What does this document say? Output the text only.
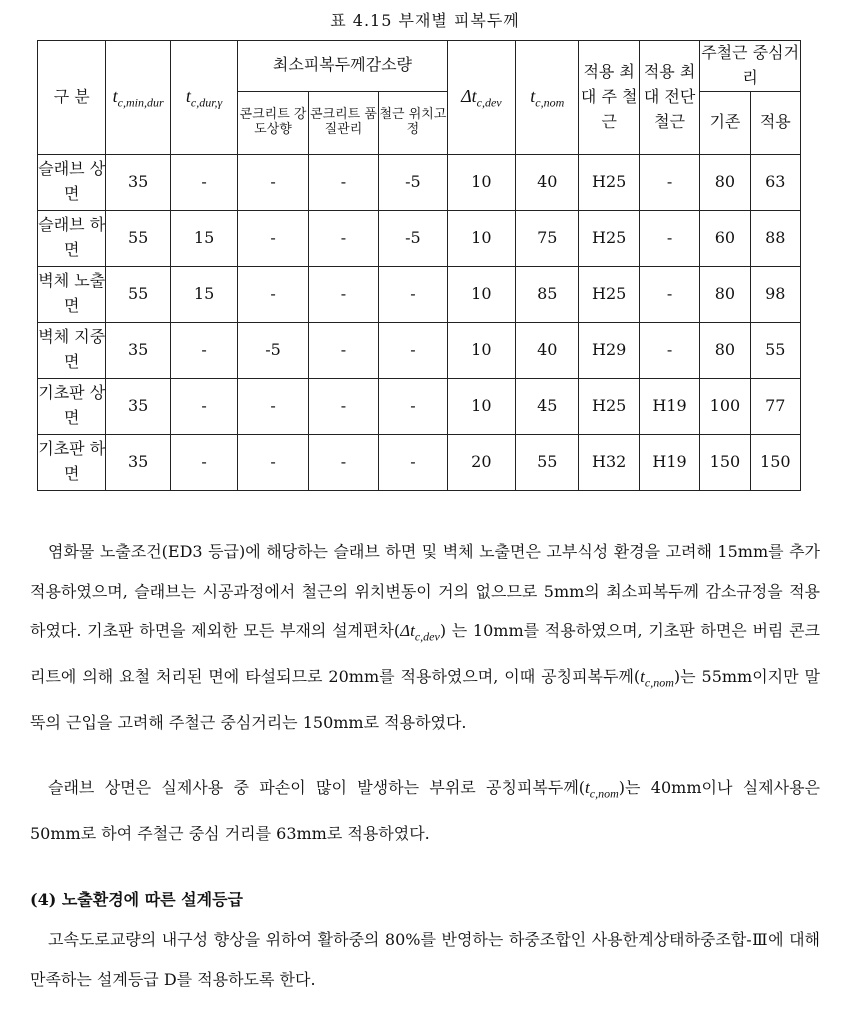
표 4.15 부재별 피복두께
구 분	$t_{c,min,dur}$	$t_{c,dur,\gamma}$	최소피복두께감소량			$\Delta t_{c,dev}$	$t_{c,nom}$	적용 최대 주 철근	적용 최대 전단 철근	주철근 중심거리	
			콘크리트 강도상향	콘크리트 품질관리	철근 위치고정					기존	적용
슬래브 상면	35	-	-	-	-5	10	40	H25	-	80	63
슬래브 하면	55	15	-	-	-5	10	75	H25	-	60	88
벽체 노출면	55	15	-	-	-	10	85	H25	-	80	98
벽체 지중면	35	-	-5	-	-	10	40	H29	-	80	55
기초판 상면	35	-	-	-	-	10	45	H25	H19	100	77
기초판 하면	35	-	-	-	-	20	55	H32	H19	150	150

염화물 노출조건(ED3 등급)에 해당하는 슬래브 하면 및 벽체 노출면은 고부식성 환경을 고려해 15mm를 추가 적용하였으며, 슬래브는 시공과정에서 철근의 위치변동이 거의 없으므로 5mm의 최소피복두께 감소규정을 적용하였다. 기초판 하면을 제외한 모든 부재의 설계편차$(\Delta t_{c,dev})$ 는 10mm를 적용하였으며, 기초판 하면은 버림 콘크리트에 의해 요철 처리된 면에 타설되므로 20mm를 적용하였으며, 이때 공칭피복두께$(t_{c,nom})$는 55mm이지만 말뚝의 근입을 고려해 주철근 중심거리는 150mm로 적용하였다.

슬래브 상면은 실제사용 중 파손이 많이 발생하는 부위로 공칭피복두께$(t_{c,nom})$는 40mm이나 실제사용은 50mm로 하여 주철근 중심 거리를 63mm로 적용하였다.

(4) 노출환경에 따른 설계등급

고속도로교량의 내구성 향상을 위하여 활하중의 80%를 반영하는 하중조합인 사용한계상태하중조합-Ⅲ에 대해 만족하는 설계등급 D를 적용하도록 한다.
